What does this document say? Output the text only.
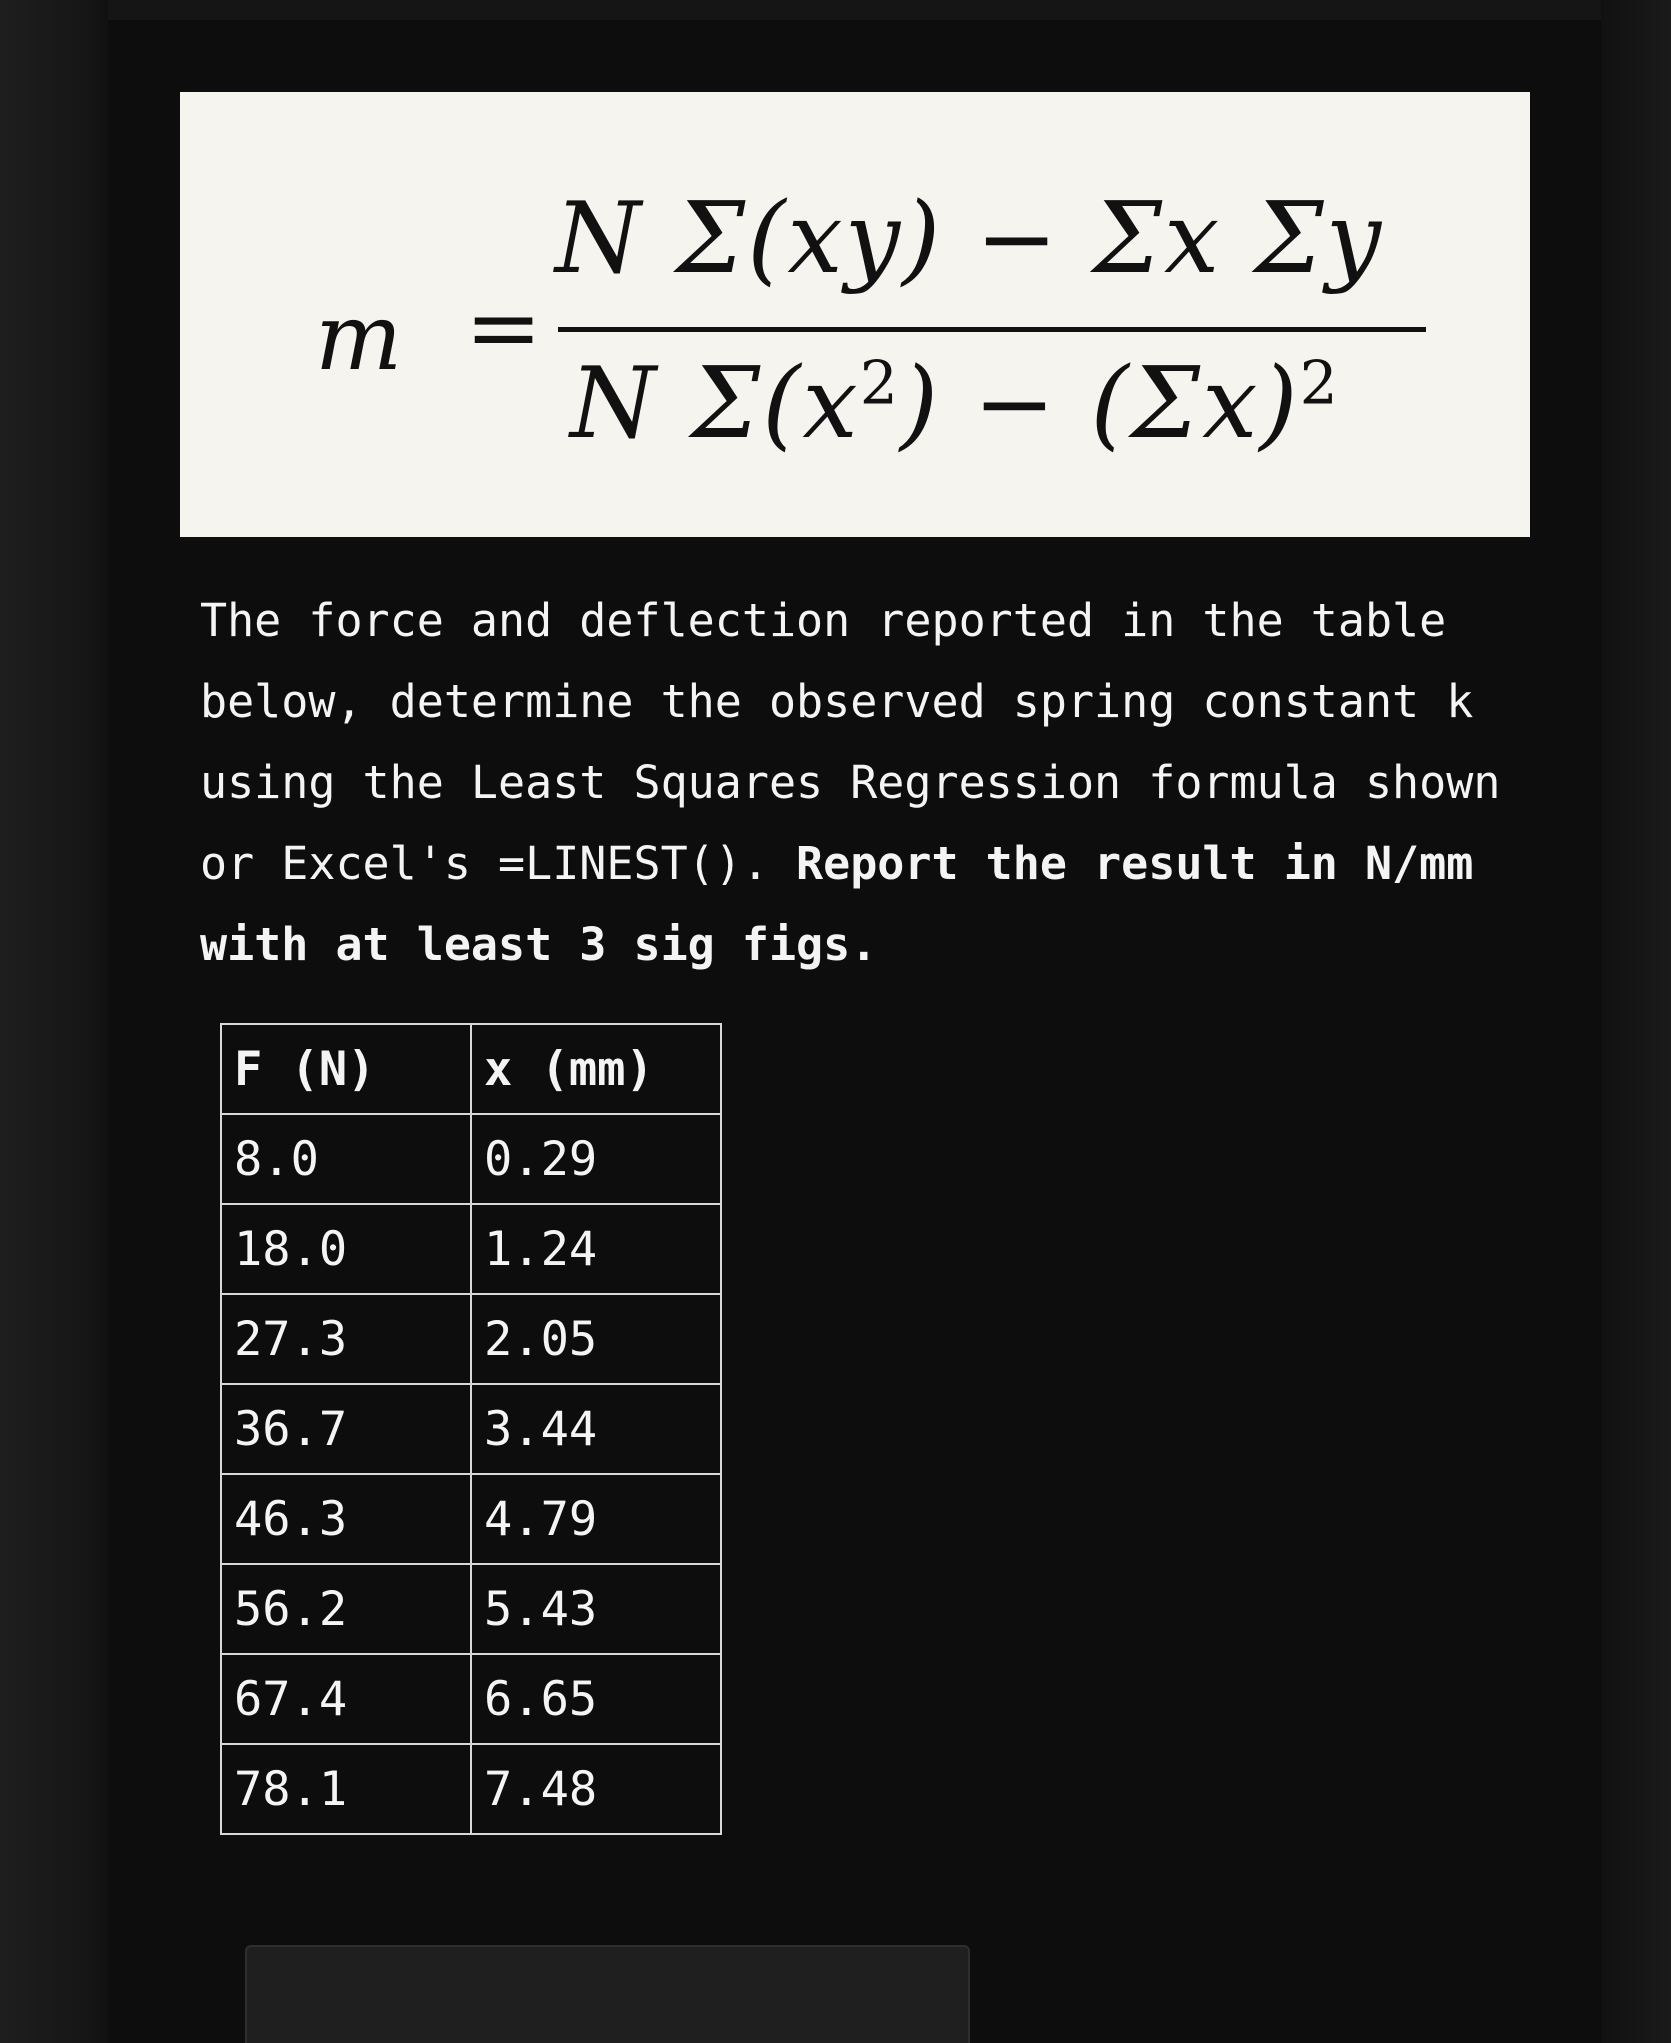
m =
N Σ(xy) − Σx Σy
N $\Sigma(x^2) - (\Sigma x)^2$
The force and deflection reported in the table below, determine the observed spring constant k using the Least Squares Regression formula shown or Excel's =LINEST(). Report the result in N/mm with at least 3 sig figs.
F (N)	x (mm)
8.0	0.29
18.0	1.24
27.3	2.05
36.7	3.44
46.3	4.79
56.2	5.43
67.4	6.65
78.1	7.48
